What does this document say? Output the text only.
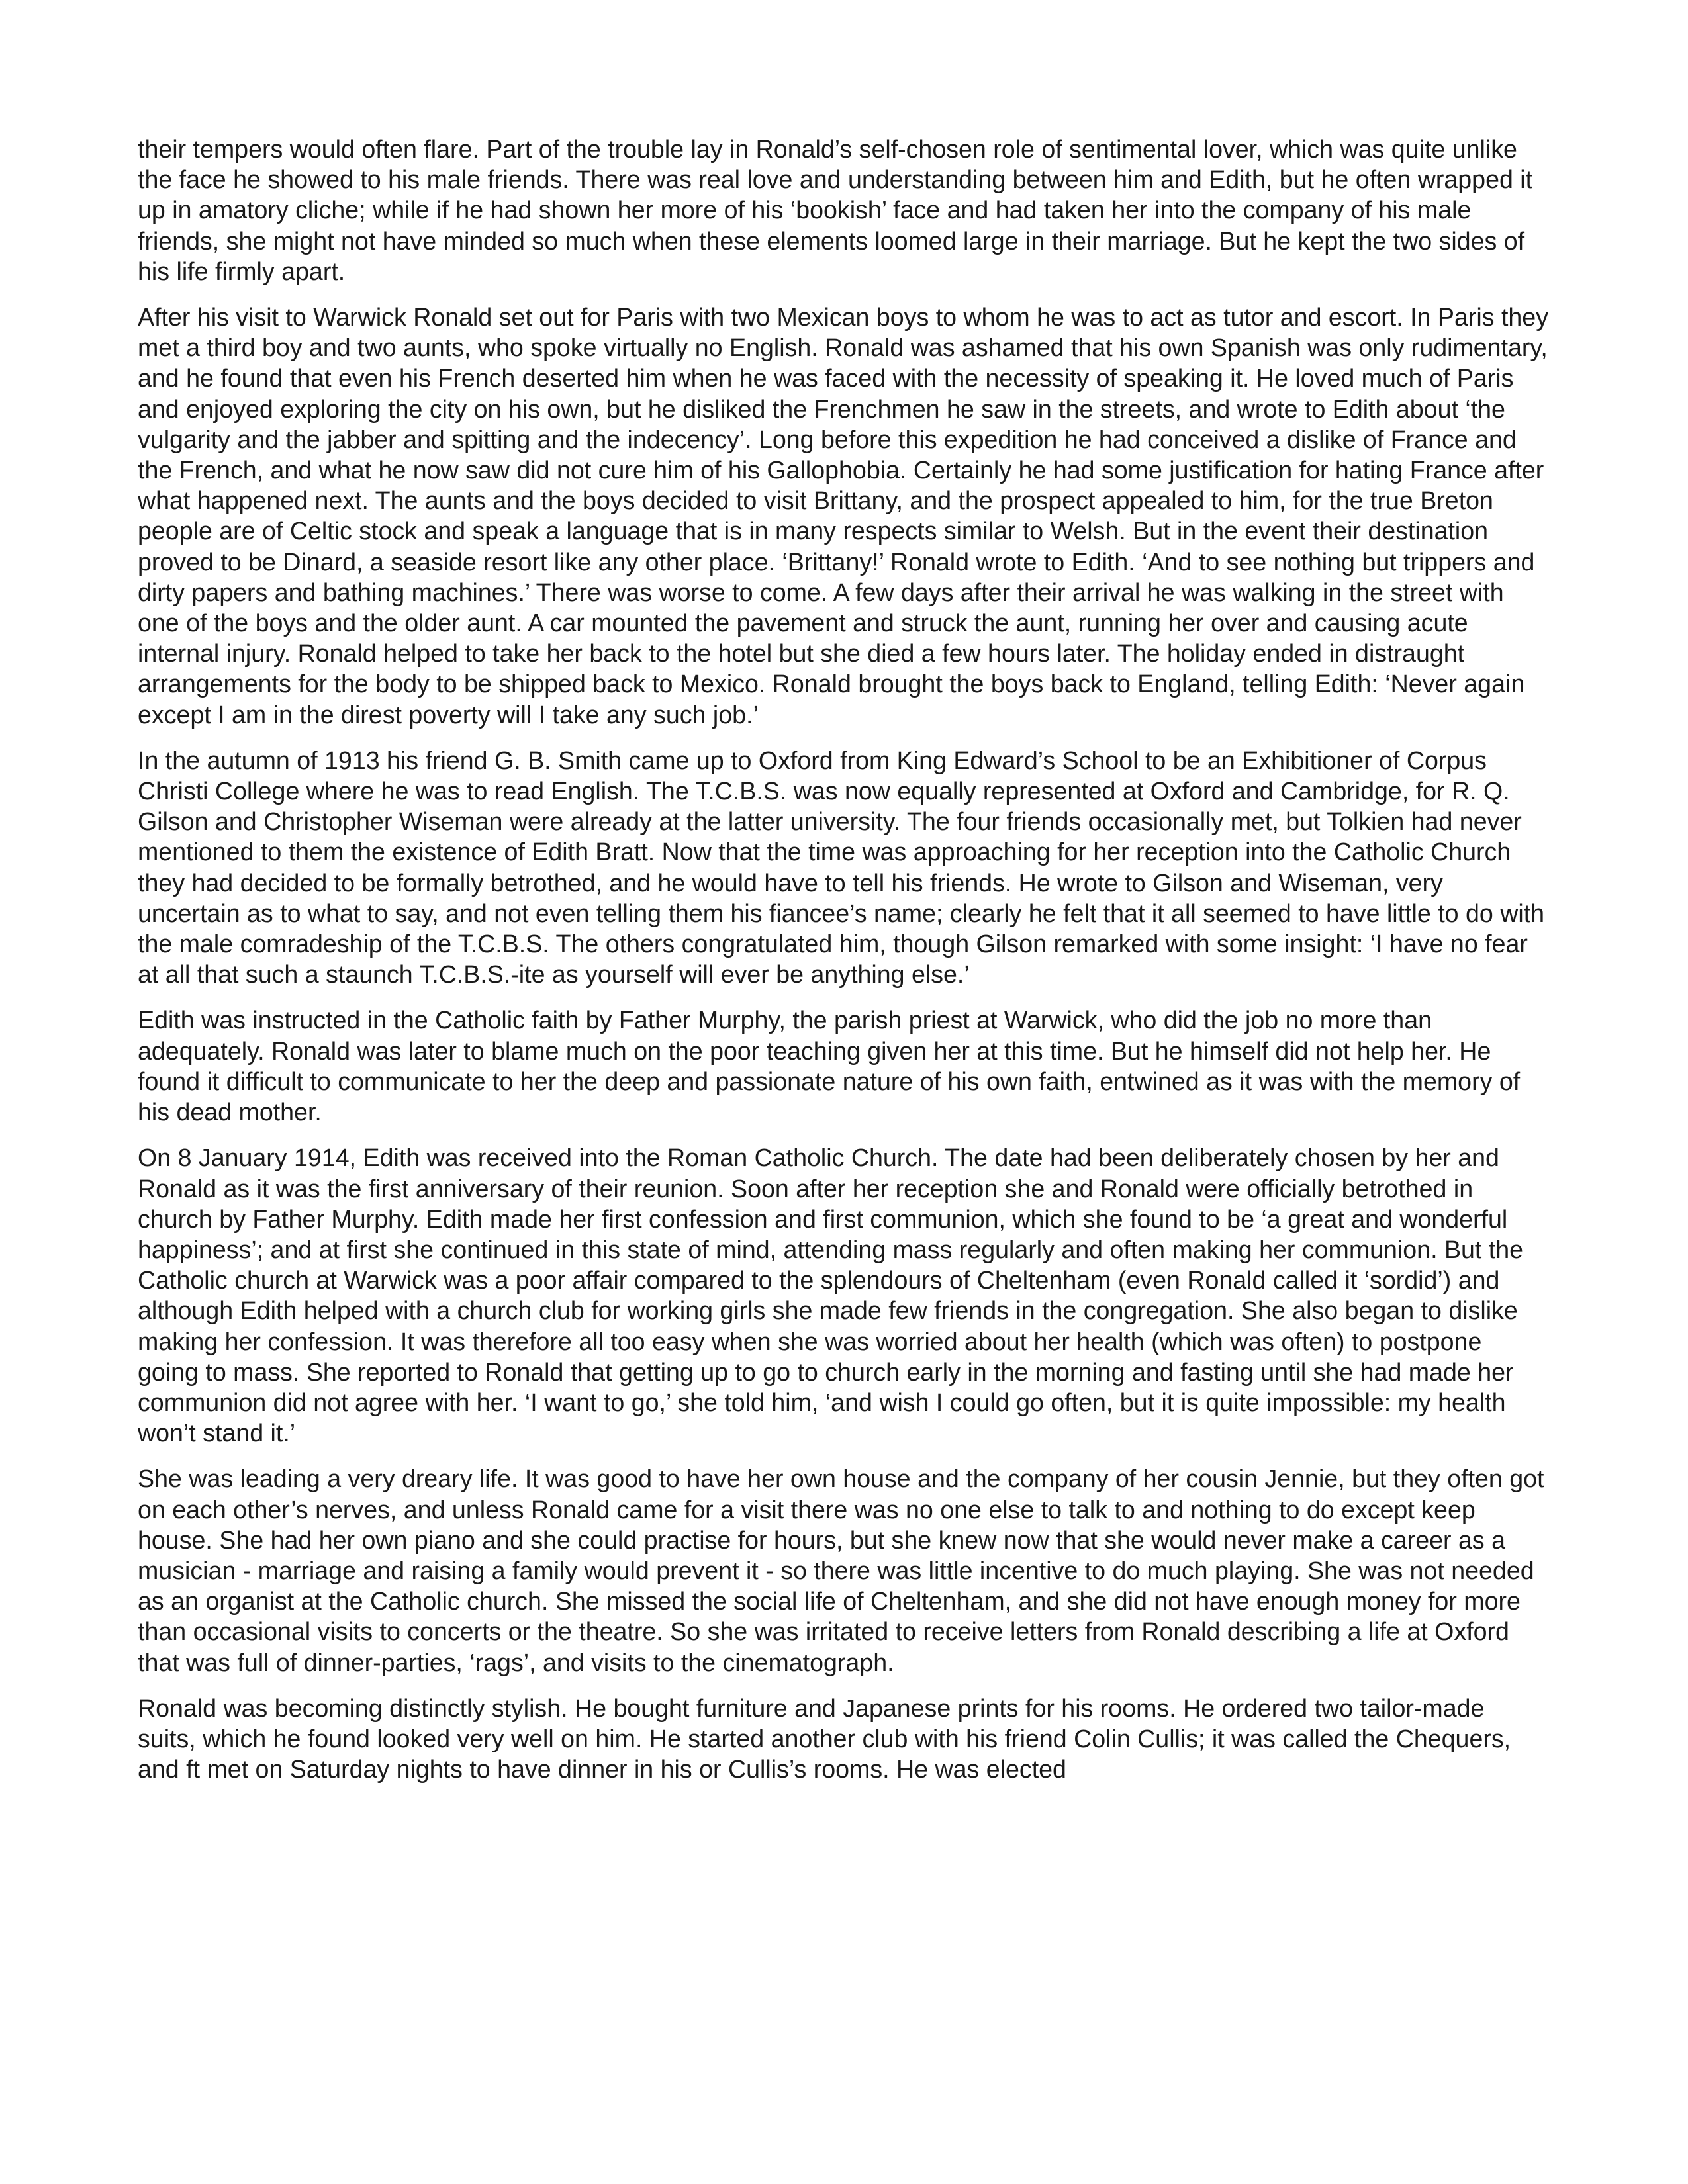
their tempers would often flare. Part of the trouble lay in Ronald’s self-chosen role of sentimental lover, which was quite unlike the face he showed to his male friends. There was real love and understanding between him and Edith, but he often wrapped it up in amatory cliche; while if he had shown her more of his ‘bookish’ face and had taken her into the company of his male friends, she might not have minded so much when these elements loomed large in their marriage. But he kept the two sides of his life firmly apart.

After his visit to Warwick Ronald set out for Paris with two Mexican boys to whom he was to act as tutor and escort. In Paris they met a third boy and two aunts, who spoke virtually no English. Ronald was ashamed that his own Spanish was only rudimentary, and he found that even his French deserted him when he was faced with the necessity of speaking it. He loved much of Paris and enjoyed exploring the city on his own, but he disliked the Frenchmen he saw in the streets, and wrote to Edith about ‘the vulgarity and the jabber and spitting and the indecency’. Long before this expedition he had conceived a dislike of France and the French, and what he now saw did not cure him of his Gallophobia. Certainly he had some justification for hating France after what happened next. The aunts and the boys decided to visit Brittany, and the prospect appealed to him, for the true Breton people are of Celtic stock and speak a language that is in many respects similar to Welsh. But in the event their destination proved to be Dinard, a seaside resort like any other place. ‘Brittany!’ Ronald wrote to Edith. ‘And to see nothing but trippers and dirty papers and bathing machines.’ There was worse to come. A few days after their arrival he was walking in the street with one of the boys and the older aunt. A car mounted the pavement and struck the aunt, running her over and causing acute internal injury. Ronald helped to take her back to the hotel but she died a few hours later. The holiday ended in distraught arrangements for the body to be shipped back to Mexico. Ronald brought the boys back to England, telling Edith: ‘Never again except I am in the direst poverty will I take any such job.’

In the autumn of 1913 his friend G. B. Smith came up to Oxford from King Edward’s School to be an Exhibitioner of Corpus Christi College where he was to read English. The T.C.B.S. was now equally represented at Oxford and Cambridge, for R. Q. Gilson and Christopher Wiseman were already at the latter university. The four friends occasionally met, but Tolkien had never mentioned to them the existence of Edith Bratt. Now that the time was approaching for her reception into the Catholic Church they had decided to be formally betrothed, and he would have to tell his friends. He wrote to Gilson and Wiseman, very uncertain as to what to say, and not even telling them his fiancee’s name; clearly he felt that it all seemed to have little to do with the male comradeship of the T.C.B.S. The others congratulated him, though Gilson remarked with some insight: ‘I have no fear at all that such a staunch T.C.B.S.-ite as yourself will ever be anything else.’

Edith was instructed in the Catholic faith by Father Murphy, the parish priest at Warwick, who did the job no more than adequately. Ronald was later to blame much on the poor teaching given her at this time. But he himself did not help her. He found it difficult to communicate to her the deep and passionate nature of his own faith, entwined as it was with the memory of his dead mother.

On 8 January 1914, Edith was received into the Roman Catholic Church. The date had been deliberately chosen by her and Ronald as it was the first anniversary of their reunion. Soon after her reception she and Ronald were officially betrothed in church by Father Murphy. Edith made her first confession and first communion, which she found to be ‘a great and wonderful happiness’; and at first she continued in this state of mind, attending mass regularly and often making her communion. But the Catholic church at Warwick was a poor affair compared to the splendours of Cheltenham (even Ronald called it ‘sordid’) and although Edith helped with a church club for working girls she made few friends in the congregation. She also began to dislike making her confession. It was therefore all too easy when she was worried about her health (which was often) to postpone going to mass. She reported to Ronald that getting up to go to church early in the morning and fasting until she had made her communion did not agree with her. ‘I want to go,’ she told him, ‘and wish I could go often, but it is quite impossible: my health won’t stand it.’

She was leading a very dreary life. It was good to have her own house and the company of her cousin Jennie, but they often got on each other’s nerves, and unless Ronald came for a visit there was no one else to talk to and nothing to do except keep house. She had her own piano and she could practise for hours, but she knew now that she would never make a career as a musician - marriage and raising a family would prevent it - so there was little incentive to do much playing. She was not needed as an organist at the Catholic church. She missed the social life of Cheltenham, and she did not have enough money for more than occasional visits to concerts or the theatre. So she was irritated to receive letters from Ronald describing a life at Oxford that was full of dinner-parties, ‘rags’, and visits to the cinematograph.

Ronald was becoming distinctly stylish. He bought furniture and Japanese prints for his rooms. He ordered two tailor-made suits, which he found looked very well on him. He started another club with his friend Colin Cullis; it was called the Chequers, and ft met on Saturday nights to have dinner in his or Cullis’s rooms. He was elected
